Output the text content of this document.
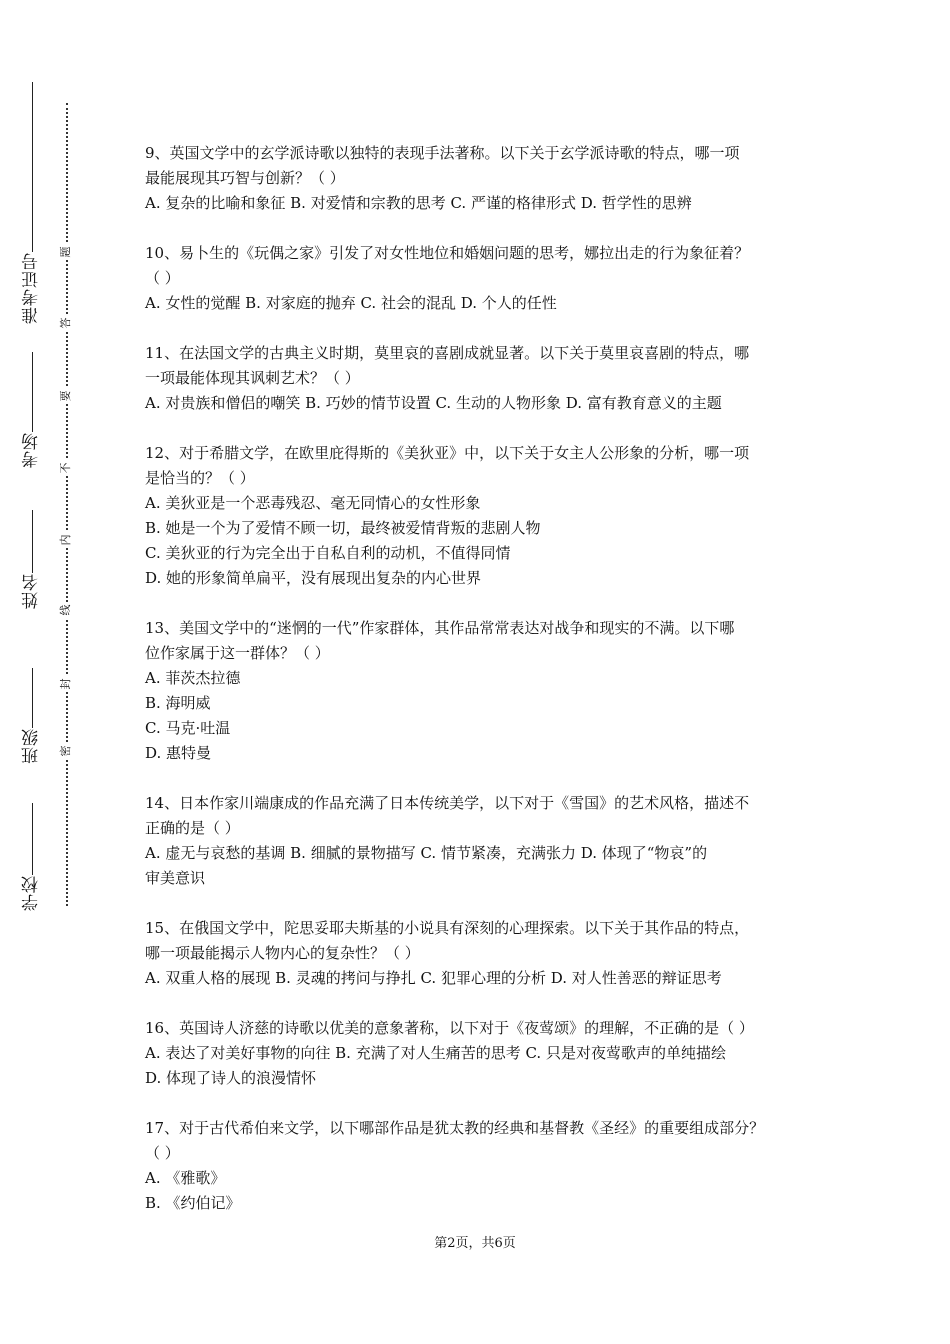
学校
班级
姓名
考场
准考证号
密
封
线
内
不
要
答
题

9、英国文学中的玄学派诗歌以独特的表现手法著称。以下关于玄学派诗歌的特点，哪一项

最能展现其巧智与创新？（ ）

A. 复杂的比喻和象征 B. 对爱情和宗教的思考 C. 严谨的格律形式 D. 哲学性的思辨

10、易卜生的《玩偶之家》引发了对女性地位和婚姻问题的思考，娜拉出走的行为象征着？

（ ）

A. 女性的觉醒 B. 对家庭的抛弃 C. 社会的混乱 D. 个人的任性

11、在法国文学的古典主义时期，莫里哀的喜剧成就显著。以下关于莫里哀喜剧的特点，哪

一项最能体现其讽刺艺术？（ ）

A. 对贵族和僧侣的嘲笑 B. 巧妙的情节设置 C. 生动的人物形象 D. 富有教育意义的主题

12、对于希腊文学，在欧里庇得斯的《美狄亚》中，以下关于女主人公形象的分析，哪一项

是恰当的？（ ）

A. 美狄亚是一个恶毒残忍、毫无同情心的女性形象

B. 她是一个为了爱情不顾一切，最终被爱情背叛的悲剧人物

C. 美狄亚的行为完全出于自私自利的动机，不值得同情

D. 她的形象简单扁平，没有展现出复杂的内心世界

13、美国文学中的“迷惘的一代”作家群体，其作品常常表达对战争和现实的不满。以下哪

位作家属于这一群体？（ ）

A. 菲茨杰拉德

B. 海明威

C. 马克·吐温

D. 惠特曼

14、日本作家川端康成的作品充满了日本传统美学，以下对于《雪国》的艺术风格，描述不

正确的是（ ）

A. 虚无与哀愁的基调 B. 细腻的景物描写 C. 情节紧凑，充满张力 D. 体现了“物哀”的

审美意识

15、在俄国文学中，陀思妥耶夫斯基的小说具有深刻的心理探索。以下关于其作品的特点，

哪一项最能揭示人物内心的复杂性？（ ）

A. 双重人格的展现 B. 灵魂的拷问与挣扎 C. 犯罪心理的分析 D. 对人性善恶的辩证思考

16、英国诗人济慈的诗歌以优美的意象著称，以下对于《夜莺颂》的理解，不正确的是（ ）

A. 表达了对美好事物的向往 B. 充满了对人生痛苦的思考 C. 只是对夜莺歌声的单纯描绘

D. 体现了诗人的浪漫情怀

17、对于古代希伯来文学，以下哪部作品是犹太教的经典和基督教《圣经》的重要组成部分？

（ ）

A. 《雅歌》

B. 《约伯记》

第2页，共6页
